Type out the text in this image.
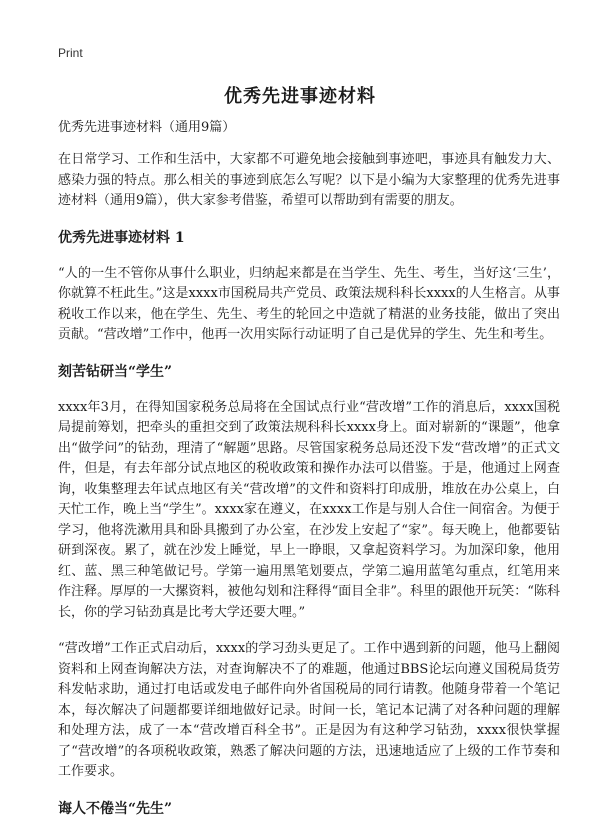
Print
优秀先进事迹材料
优秀先进事迹材料（通用9篇）

在日常学习、工作和生活中，大家都不可避免地会接触到事迹吧，事迹具有触发力大、感染力强的特点。那么相关的事迹到底怎么写呢？以下是小编为大家整理的优秀先进事迹材料（通用9篇），供大家参考借鉴，希望可以帮助到有需要的朋友。

优秀先进事迹材料 1

“人的一生不管你从事什么职业，归纳起来都是在当学生、先生、考生，当好这‘三生’，你就算不枉此生。”这是xxxx市国税局共产党员、政策法规科科长xxxx的人生格言。从事税收工作以来，他在学生、先生、考生的轮回之中造就了精湛的业务技能，做出了突出贡献。“营改增”工作中，他再一次用实际行动证明了自己是优异的学生、先生和考生。

刻苦钻研当“学生”

xxxx年3月，在得知国家税务总局将在全国试点行业“营改增”工作的消息后，xxxx国税局提前筹划，把牵头的重担交到了政策法规科科长xxxx身上。面对崭新的“课题”，他拿出“做学问”的钻劲，理清了“解题”思路。尽管国家税务总局还没下发“营改增”的正式文件，但是，有去年部分试点地区的税收政策和操作办法可以借鉴。于是，他通过上网查询，收集整理去年试点地区有关“营改增”的文件和资料打印成册，堆放在办公桌上，白天忙工作，晚上当“学生”。xxxx家在遵义，在xxxx工作是与别人合住一间宿舍。为便于学习，他将洗漱用具和卧具搬到了办公室，在沙发上安起了“家”。每天晚上，他都要钻研到深夜。累了，就在沙发上睡觉，早上一睁眼，又拿起资料学习。为加深印象，他用红、蓝、黑三种笔做记号。学第一遍用黑笔划要点，学第二遍用蓝笔勾重点，红笔用来作注释。厚厚的一大摞资料，被他勾划和注释得“面目全非”。科里的跟他开玩笑：“陈科长，你的学习钻劲真是比考大学还要大哩。”

“营改增”工作正式启动后，xxxx的学习劲头更足了。工作中遇到新的问题，他马上翻阅资料和上网查询解决方法，对查询解决不了的难题，他通过BBS论坛向遵义国税局货劳科发帖求助，通过打电话或发电子邮件向外省国税局的同行请教。他随身带着一个笔记本，每次解决了问题都要详细地做好记录。时间一长，笔记本记满了对各种问题的理解和处理方法，成了一本“营改增百科全书”。正是因为有这种学习钻劲，xxxx很快掌握了“营改增”的各项税收政策，熟悉了解决问题的方法，迅速地适应了上级的工作节奏和工作要求。

诲人不倦当“先生”
